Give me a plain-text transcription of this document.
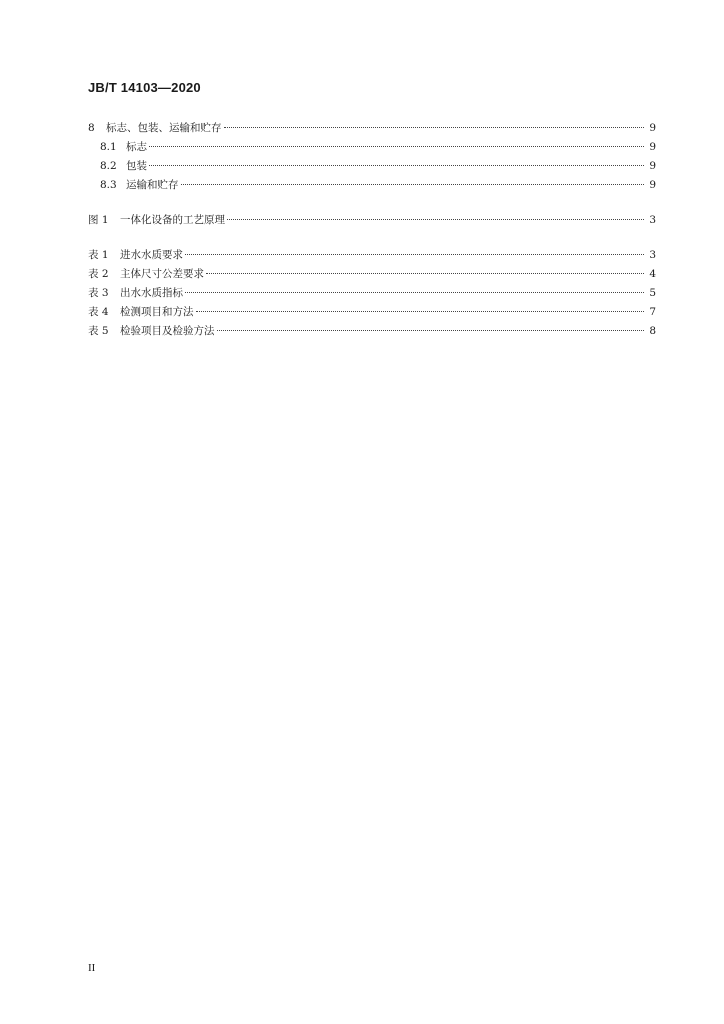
JB/T 14103—2020
8	标志、包装、运输和贮存	9
8.1 标志	9
8.2 包装	9
8.3 运输和贮存	9
图 1	一体化设备的工艺原理	3
表 1	进水水质要求	3
表 2	主体尺寸公差要求	4
表 3	出水水质指标	5
表 4	检测项目和方法	7
表 5	检验项目及检验方法	8
II
